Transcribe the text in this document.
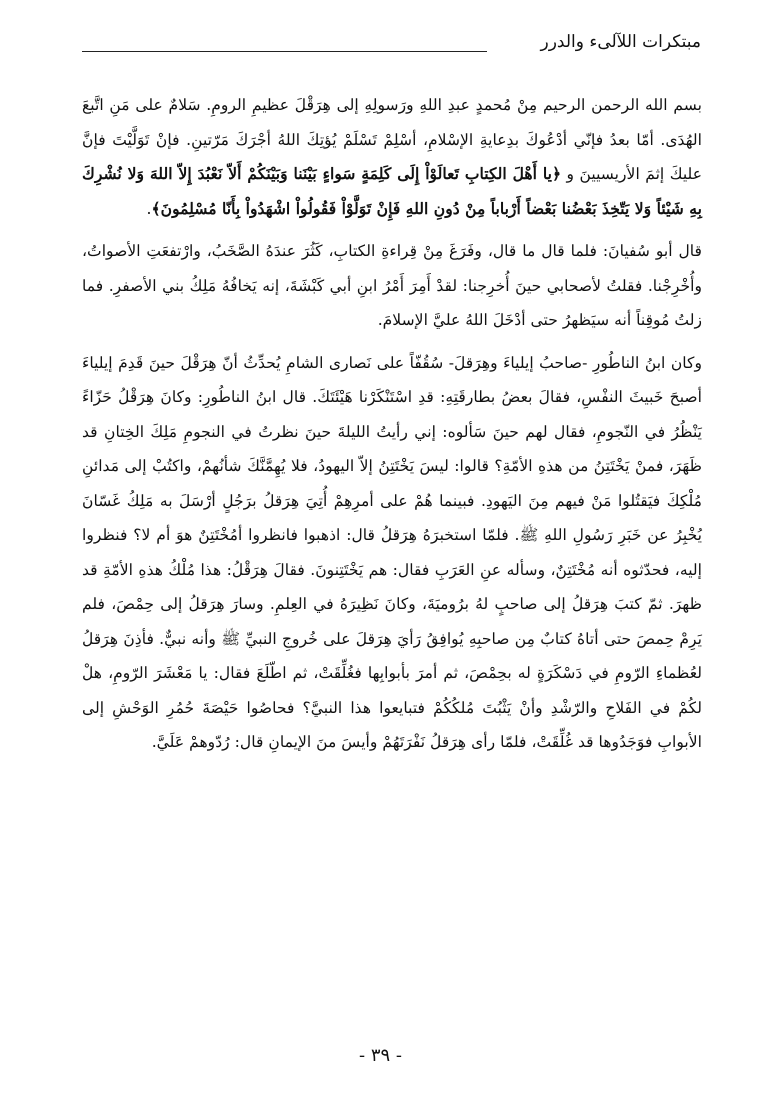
مبتكرات اللآلىء والدرر

بسم الله الرحمن الرحيم مِنْ مُحمدٍ عبدِ اللهِ ورَسولِهِ إلى هِرَقْلَ عظيمِ الرومِ. سَلامٌ على مَنِ اتَّبعَ الهُدَى. أمّا بعدُ فإنّي أدْعُوكَ بدِعايةِ الإسْلامِ، أسْلِمْ تَسْلَمْ يُؤتِكَ اللهُ أجْرَكَ مَرّتينِ. فإنْ تَوَلَّيْتَ فإنَّ عليكَ إثمَ الأريسيينَ و ﴿يا أَهْلَ الكِتابِ تَعالَوْاْ إِلَى كَلِمَةٍ سَواءٍ بَيْنَنا وَبَيْنَكُمْ أَلاّ نَعْبُدَ إِلاّ اللهَ وَلا نُشْرِكَ بِهِ شَيْئاً وَلا يَتّخِذَ بَعْضُنا بَعْضاً أَرْباباً مِنْ دُونِ اللهِ فَإِنْ تَوَلَّوْاْ فَقُولُواْ اشْهَدُواْ بِأَنّا مُسْلِمُونَ﴾.

قال أبو سُفيانَ: فلما قال ما قال، وفَرَغَ مِنْ قِراءةِ الكتابِ، كَثُرَ عندَهُ الصَّخَبُ، وارْتفعَتِ الأصواتُ، وأُخْرِجْنا. فقلتُ لأصحابي حينَ أُخرِجنا: لقدْ أَمِرَ أَمْرُ ابنِ أبي كَبْشَةَ، إنه يَخافُهُ مَلِكُ بني الأصفرِ. فما زلتُ مُوقِناً أنه سيَظهرُ حتى أدْخَلَ اللهُ عليَّ الإسلامَ.

وكان ابنُ الناطُورِ -صاحبُ إيلياءَ وهِرَقلَ- سُقُفّاً على نَصارى الشامِ يُحدِّثُ أنّ هِرَقْلَ حينَ قَدِمَ إيلياءَ أصبحَ خَبيثَ النفْسِ، فقالَ بعضُ بطارقَتِهِ: قدِ اسْتَنْكَرْنا هَيْئَتَكَ. قال ابنُ الناطُورِ: وكانَ هِرَقْلُ حَزّاءً يَنْظُرُ في النّجومِ، فقال لهم حينَ سَألوه: إني رأيتُ الليلةَ حينَ نظرتُ في النجومِ مَلِكَ الخِتانِ قد ظَهَرَ، فمنْ يَخْتَتِنُ من هذهِ الأمّةِ؟ قالوا: ليسَ يَخْتَتِنُ إلاّ اليهودُ، فلا يُهِمَّنَّكَ شأنُهمْ، واكتُبْ إلى مَدائنِ مُلْكِكَ فيَقتُلوا مَنْ فيهم مِنَ اليَهودِ. فبينما هُمْ على أمرِهِمْ أُتِيَ هِرَقلُ برَجُلٍ أرْسَلَ به مَلِكُ غَسّانَ يُخْبِرُ عن خَبَرِ رَسُولِ اللهِ ﷺ. فلمّا استخبرَهُ هِرَقلُ قال: اذهبوا فانظروا أمُخْتَتِنٌ هوَ أم لا؟ فنظروا إليه، فحدّثوه أنه مُخْتَتِنٌ، وسأله عنِ العَرَبِ فقال: هم يَخْتَتِنونَ. فقالَ هِرَقْلُ: هذا مُلْكُ هذهِ الأمّةِ قد ظهرَ. ثمّ كتبَ هِرَقلُ إلى صاحبٍ لهُ برُوميَةَ، وكانَ نَظِيرَهُ في العِلمِ. وسارَ هِرَقلُ إلى حِمْصَ، فلم يَرِمْ حِمصَ حتى أتاهُ كتابٌ مِن صاحبِهِ يُوافِقُ رَأيَ هِرَقلَ على خُروجِ النبيِّ ﷺ وأنه نبيٌّ. فأذِنَ هِرَقلُ لعُظماءِ الرّومِ في دَسْكَرَةٍ له بحِمْصَ، ثم أمرَ بأبوابِها فغُلِّقَتْ، ثم اطّلَعَ فقال: يا مَعْشَرَ الرّومِ، هلْ لكُمْ في الفَلاحِ والرّشْدِ وأنْ يَثْبُتَ مُلكُكُمْ فتبايعوا هذا النبيَّ؟ فحاصُوا حَيْصَةَ حُمُرِ الوَحْشِ إلى الأبوابِ فوَجَدُوها قد غُلِّقَتْ، فلمّا رأى هِرَقلُ نَفْرَتَهُمْ وأيسَ منَ الإيمانِ قال: رُدّوهمْ عَلَيَّ.

- ٣٩ -
